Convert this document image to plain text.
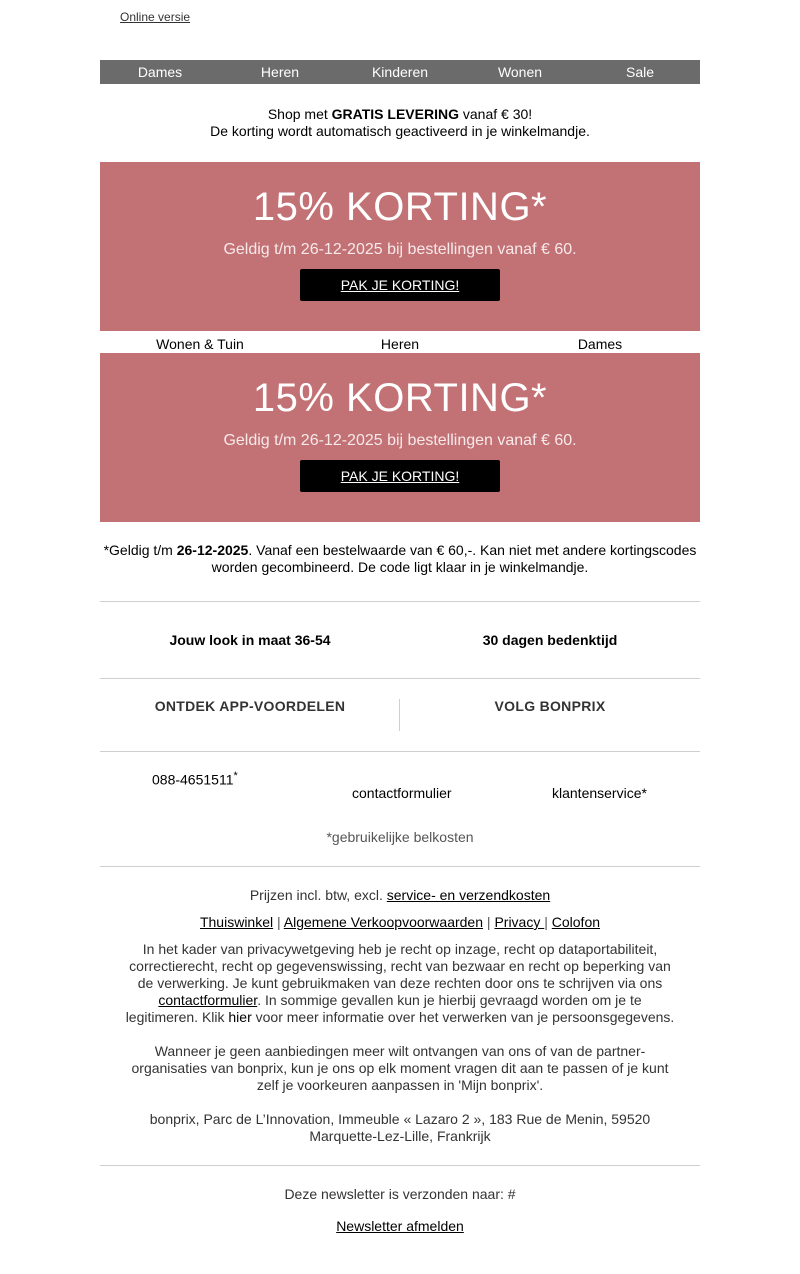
Online versie
Dames	Heren	Kinderen	Wonen	Sale
Shop met GRATIS LEVERING vanaf € 30!
De korting wordt automatisch geactiveerd in je winkelmandje.
15% KORTING*
Geldig t/m 26-12-2025 bij bestellingen vanaf € 60.
PAK JE KORTING!
Wonen & Tuin	Heren	Dames
15% KORTING*
Geldig t/m 26-12-2025 bij bestellingen vanaf € 60.
PAK JE KORTING!
*Geldig t/m 26-12-2025. Vanaf een bestelwaarde van € 60,-. Kan niet met andere kortingscodes worden gecombineerd. De code ligt klaar in je winkelmandje.
Jouw look in maat 36-54	30 dagen bedenktijd
ONTDEK APP-VOORDELEN	VOLG BONPRIX
088-4651511*
contactformulier	klantenservice*
*gebruikelijke belkosten
Prijzen incl. btw, excl. service- en verzendkosten
Thuiswinkel | Algemene Verkoopvoorwaarden | Privacy | Colofon

In het kader van privacywetgeving heb je recht op inzage, recht op dataportabiliteit, correctierecht, recht op gegevenswissing, recht van bezwaar en recht op beperking van de verwerking. Je kunt gebruikmaken van deze rechten door ons te schrijven via ons contactformulier. In sommige gevallen kun je hierbij gevraagd worden om je te legitimeren. Klik hier voor meer informatie over het verwerken van je persoonsgegevens.

Wanneer je geen aanbiedingen meer wilt ontvangen van ons of van de partner-organisaties van bonprix, kun je ons op elk moment vragen dit aan te passen of je kunt zelf je voorkeuren aanpassen in 'Mijn bonprix'.

bonprix, Parc de L’Innovation, Immeuble « Lazaro 2 », 183 Rue de Menin, 59520 Marquette-Lez-Lille, Frankrijk

Deze newsletter is verzonden naar: #
Newsletter afmelden
